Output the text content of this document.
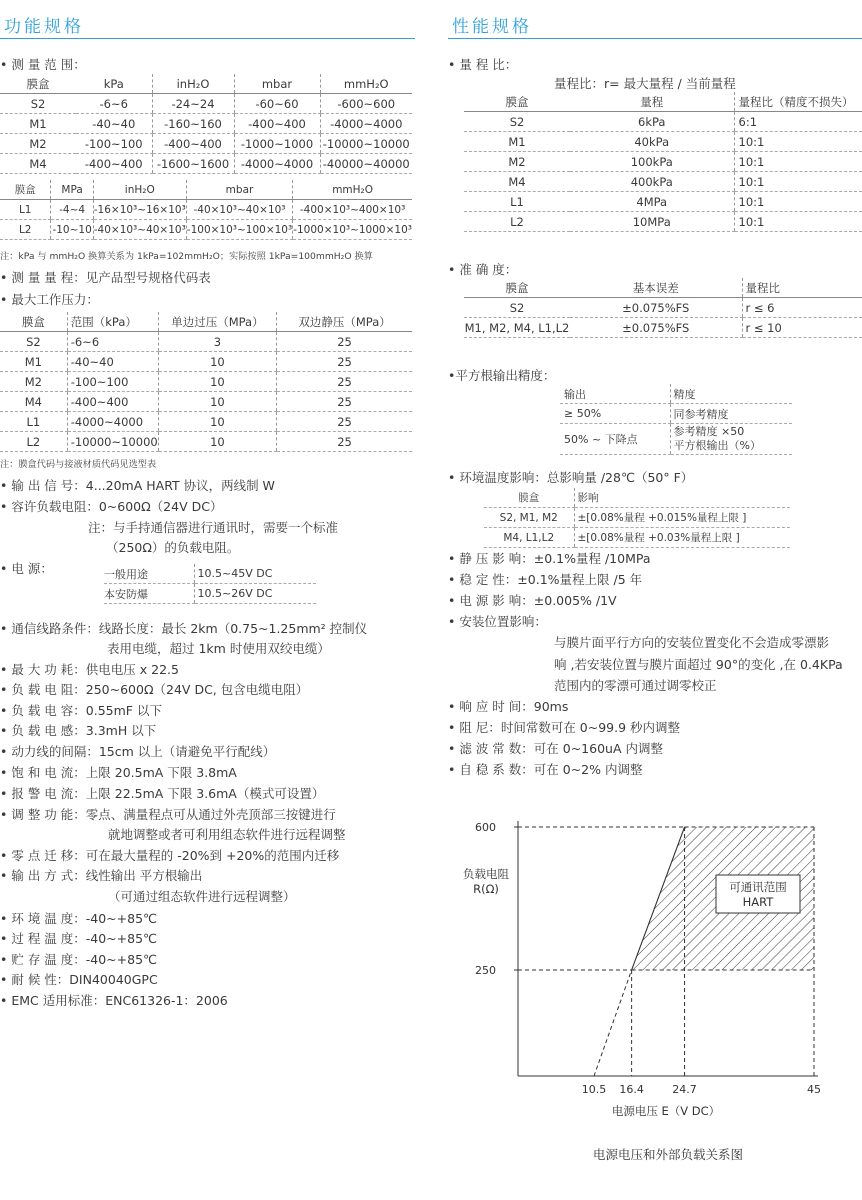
功能规格
• 测 量 范 围：
膜盒	kPa	inH₂O	mbar	mmH₂O
S2	-6~6	-24~24	-60~60	-600~600
M1	-40~40	-160~160	-400~400	-4000~4000
M2	-100~100	-400~400	-1000~1000	-10000~10000
M4	-400~400	-1600~1600	-4000~4000	-40000~40000
膜盒	MPa	inH₂O	mbar	mmH₂O
L1	-4~4	-16×10³~16×10³	-40×10³~40×10³	-400×10³~400×10³
L2	-10~10	-40×10³~40×10³	-100×10³~100×10³	-1000×10³~1000×10³
注：kPa 与 mmH₂O 换算关系为 1kPa=102mmH₂O；实际按照 1kPa=100mmH₂O 换算
• 测 量 量 程：见产品型号规格代码表
• 最大工作压力：
膜盒	范围（kPa）	单边过压（MPa）	双边静压（MPa）
S2	-6~6	3	25
M1	-40~40	10	25
M2	-100~100	10	25
M4	-400~400	10	25
L1	-4000~4000	10	25
L2	-10000~10000	10	25
注：膜盒代码与接液材质代码见选型表
• 输 出 信 号：4...20mA HART 协议，两线制 W
• 容许负载电阻：0~600Ω（24V DC）
注：与手持通信器进行通讯时，需要一个标准
（250Ω）的负载电阻。
• 电 源：	一般用途	10.5~45V DC
本安防爆	10.5~26V DC
• 通信线路条件：线路长度：最长 2km（0.75~1.25mm² 控制仪
表用电缆，超过 1km 时使用双绞电缆）
• 最 大 功 耗：供电电压 x 22.5
• 负 载 电 阻：250~600Ω（24V DC, 包含电缆电阻）
• 负 载 电 容：0.55mF 以下
• 负 载 电 感：3.3mH 以下
• 动力线的间隔：15cm 以上（请避免平行配线）
• 饱 和 电 流：上限 20.5mA 下限 3.8mA
• 报 警 电 流：上限 22.5mA 下限 3.6mA（模式可设置）
• 调 整 功 能：零点、满量程点可从通过外壳顶部三按键进行
就地调整或者可利用组态软件进行远程调整
• 零 点 迁 移：可在最大量程的 -20%到 +20%的范围内迁移
• 输 出 方 式：线性输出 平方根输出
（可通过组态软件进行远程调整）
• 环 境 温 度：-40~+85℃
• 过 程 温 度：-40~+85℃
• 贮 存 温 度：-40~+85℃
• 耐 候 性：DIN40040GPC
• EMC 适用标准：ENC61326-1：2006
性能规格
• 量 程 比：
量程比：r= 最大量程 / 当前量程
膜盒	量程	量程比（精度不损失）
S2	6kPa	6:1
M1	40kPa	10:1
M2	100kPa	10:1
M4	400kPa	10:1
L1	4MPa	10:1
L2	10MPa	10:1
• 准 确 度：
膜盒	基本误差	量程比
S2	±0.075%FS	r ≤ 6
M1, M2, M4, L1,L2	±0.075%FS	r ≤ 10
•平方根输出精度：
输出	精度
≥ 50%	同参考精度
50% ~ 下降点	参考精度 ×50
平方根输出（%）
• 环境温度影响：总影响量 /28℃（50° F）
膜盒	影响
S2, M1, M2	±[0.08%量程 +0.015%量程上限 ]
M4, L1,L2	±[0.08%量程 +0.03%量程上限 ]
• 静 压 影 响：±0.1%量程 /10MPa
• 稳 定 性：±0.1%量程上限 /5 年
• 电 源 影 响：±0.005% /1V
• 安装位置影响：
与膜片面平行方向的安装位置变化不会造成零漂影
响 ,若安装位置与膜片面超过 90°的变化 ,在 0.4KPa
范围内的零漂可通过调零校正
• 响 应 时 间：90ms
• 阻 尼：时间常数可在 0~99.9 秒内调整
• 滤 波 常 数：可在 0~160uA 内调整
• 自 稳 系 数：可在 0~2% 内调整
250
600
10.5 16.4	24.7	45
负载电阻 R(Ω)
电源电压 E（V DC）
可通讯范围
HART
电源电压和外部负载关系图
